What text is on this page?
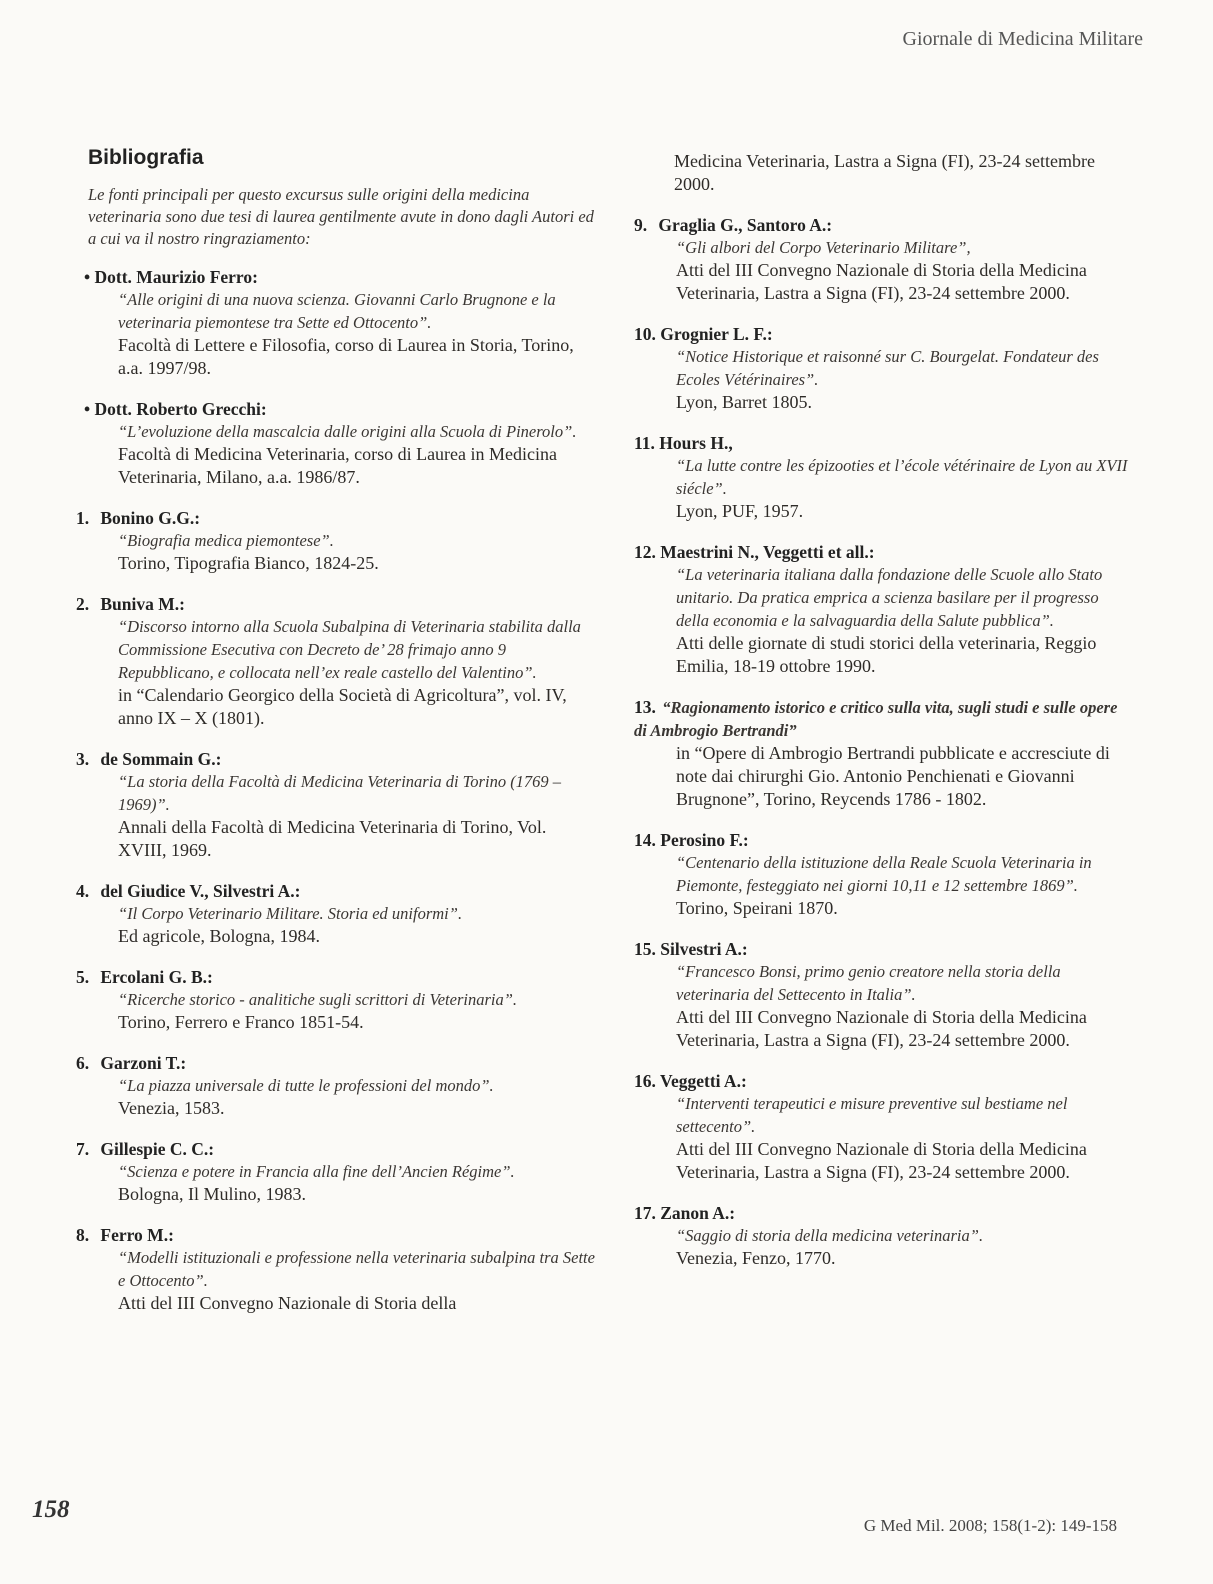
Giornale di Medicina Militare
Bibliografia
Le fonti principali per questo excursus sulle origini della medicina veterinaria sono due tesi di laurea gentilmente avute in dono dagli Autori ed a cui va il nostro ringraziamento:
• Dott. Maurizio Ferro:
“Alle origini di una nuova scienza. Giovanni Carlo Brugnone e la veterinaria piemontese tra Sette ed Ottocento”.
Facoltà di Lettere e Filosofia, corso di Laurea in Storia, Torino, a.a. 1997/98.
• Dott. Roberto Grecchi:
“L’evoluzione della mascalcia dalle origini alla Scuola di Pinerolo”.
Facoltà di Medicina Veterinaria, corso di Laurea in Medicina Veterinaria, Milano, a.a. 1986/87.
1. Bonino G.G.:
“Biografia medica piemontese”.
Torino, Tipografia Bianco, 1824-25.
2. Buniva M.:
“Discorso intorno alla Scuola Subalpina di Veterinaria stabilita dalla Commissione Esecutiva con Decreto de’ 28 frimajo anno 9 Repubblicano, e collocata nell’ex reale castello del Valentino”.
in “Calendario Georgico della Società di Agricoltura”, vol. IV, anno IX – X (1801).
3. de Sommain G.:
“La storia della Facoltà di Medicina Veterinaria di Torino (1769 – 1969)”.
Annali della Facoltà di Medicina Veterinaria di Torino, Vol. XVIII, 1969.
4. del Giudice V., Silvestri A.:
“Il Corpo Veterinario Militare. Storia ed uniformi”.
Ed agricole, Bologna, 1984.
5. Ercolani G. B.:
“Ricerche storico - analitiche sugli scrittori di Veterinaria”.
Torino, Ferrero e Franco 1851-54.
6. Garzoni T.:
“La piazza universale di tutte le professioni del mondo”.
Venezia, 1583.
7. Gillespie C. C.:
“Scienza e potere in Francia alla fine dell’Ancien Régime”.
Bologna, Il Mulino, 1983.
8. Ferro M.:
“Modelli istituzionali e professione nella veterinaria subalpina tra Sette e Ottocento”.
Atti del III Convegno Nazionale di Storia della
Medicina Veterinaria, Lastra a Signa (FI), 23-24 settembre 2000.
9. Graglia G., Santoro A.:
“Gli albori del Corpo Veterinario Militare”,
Atti del III Convegno Nazionale di Storia della Medicina Veterinaria, Lastra a Signa (FI), 23-24 settembre 2000.
10. Grognier L. F.:
“Notice Historique et raisonné sur C. Bourgelat. Fondateur des Ecoles Vétérinaires”.
Lyon, Barret 1805.
11. Hours H.,
“La lutte contre les épizooties et l’école vétérinaire de Lyon au XVII siécle”.
Lyon, PUF, 1957.
12. Maestrini N., Veggetti et all.:
“La veterinaria italiana dalla fondazione delle Scuole allo Stato unitario. Da pratica emprica a scienza basilare per il progresso della economia e la salvaguardia della Salute pubblica”.
Atti delle giornate di studi storici della veterinaria, Reggio Emilia, 18-19 ottobre 1990.
13. “Ragionamento istorico e critico sulla vita, sugli studi e sulle opere di Ambrogio Bertrandi”
in “Opere di Ambrogio Bertrandi pubblicate e accresciute di note dai chirurghi Gio. Antonio Penchienati e Giovanni Brugnone”, Torino, Reycends 1786 - 1802.
14. Perosino F.:
“Centenario della istituzione della Reale Scuola Veterinaria in Piemonte, festeggiato nei giorni 10,11 e 12 settembre 1869”.
Torino, Speirani 1870.
15. Silvestri A.:
“Francesco Bonsi, primo genio creatore nella storia della veterinaria del Settecento in Italia”.
Atti del III Convegno Nazionale di Storia della Medicina Veterinaria, Lastra a Signa (FI), 23-24 settembre 2000.
16. Veggetti A.:
“Interventi terapeutici e misure preventive sul bestiame nel settecento”.
Atti del III Convegno Nazionale di Storia della Medicina Veterinaria, Lastra a Signa (FI), 23-24 settembre 2000.
17. Zanon A.:
“Saggio di storia della medicina veterinaria”.
Venezia, Fenzo, 1770.
158
G Med Mil. 2008; 158(1-2): 149-158
